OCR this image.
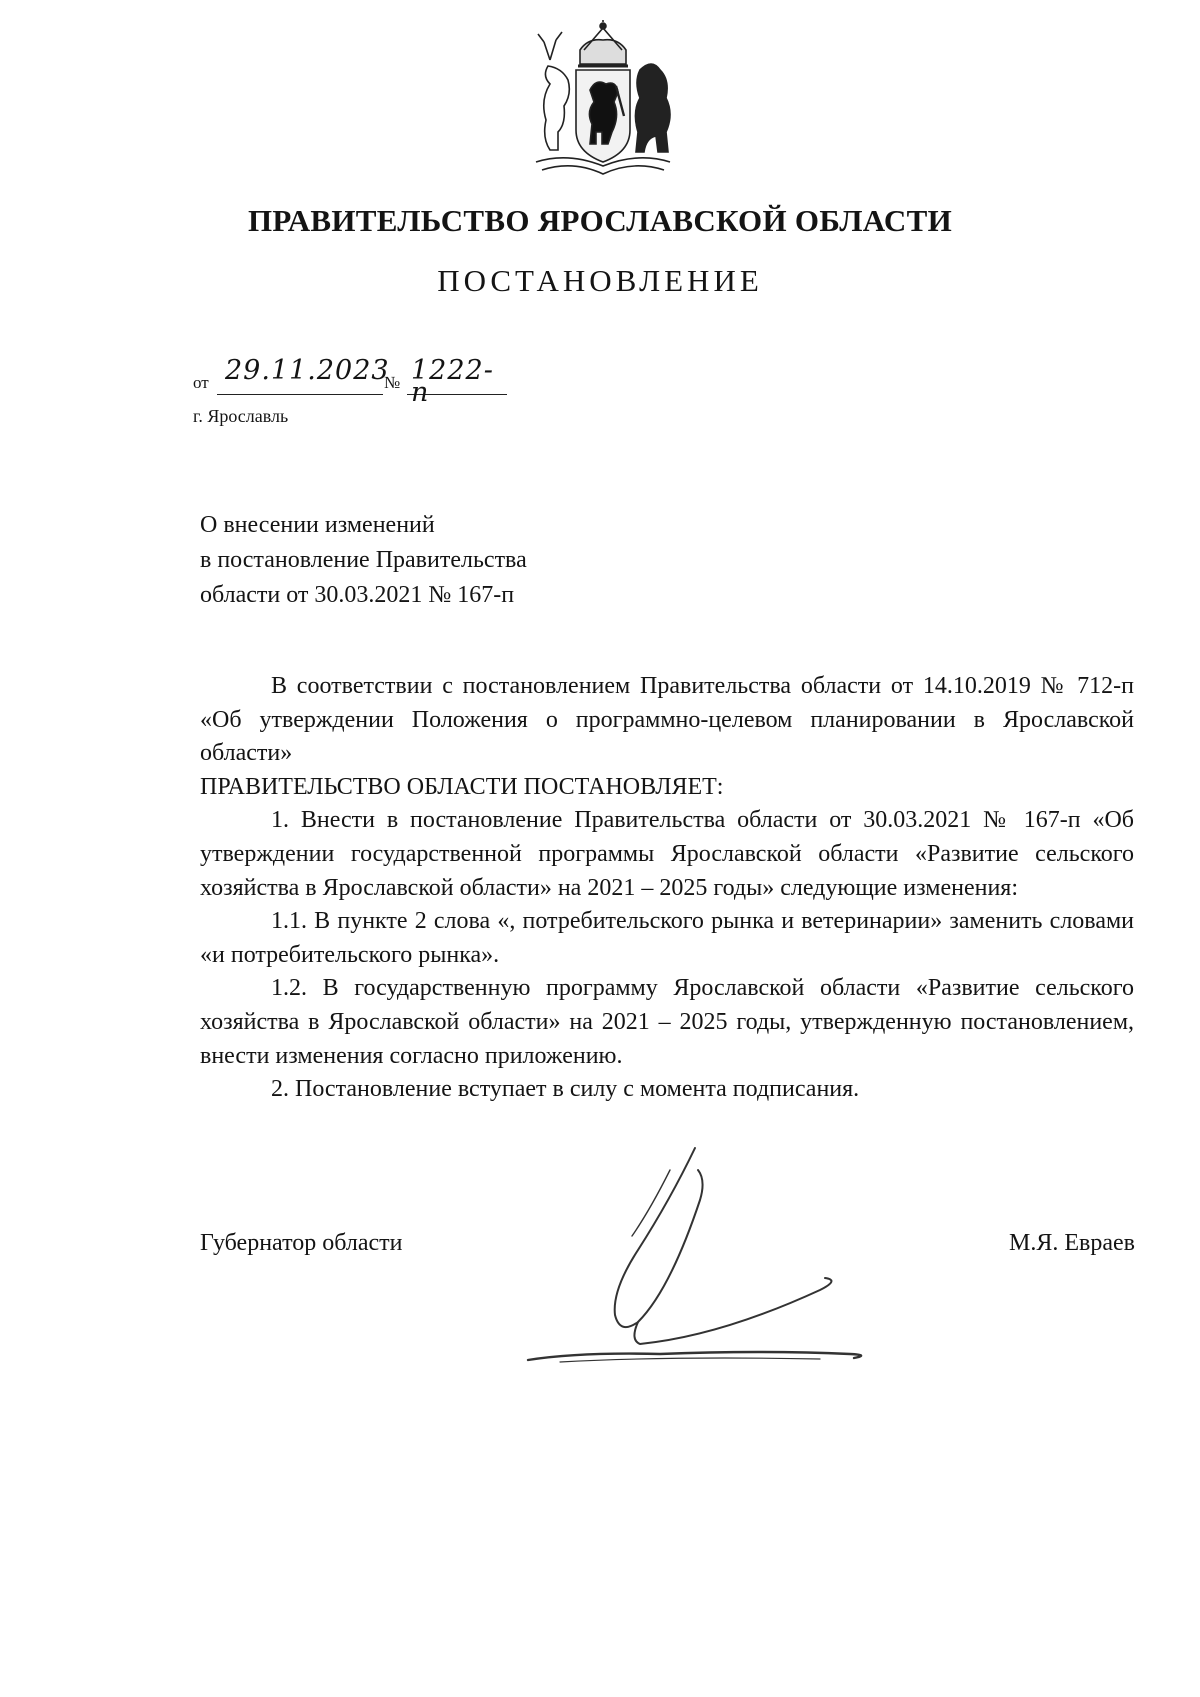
ПРАВИТЕЛЬСТВО ЯРОСЛАВСКОЙ ОБЛАСТИ
ПОСТАНОВЛЕНИЕ
от 29.11.2023
№ 1222-п
г. Ярославль
О внесении изменений
в постановление Правительства
области от 30.03.2021 № 167-п

В соответствии с постановлением Правительства области от 14.10.2019 № 712-п «Об утверждении Положения о программно-целевом планировании в Ярославской области»

ПРАВИТЕЛЬСТВО ОБЛАСТИ ПОСТАНОВЛЯЕТ:

1. Внести в постановление Правительства области от 30.03.2021 № 167-п «Об утверждении государственной программы Ярославской области «Развитие сельского хозяйства в Ярославской области» на 2021 – 2025 годы» следующие изменения:

1.1. В пункте 2 слова «, потребительского рынка и ветеринарии» заменить словами «и потребительского рынка».

1.2. В государственную программу Ярославской области «Развитие сельского хозяйства в Ярославской области» на 2021 – 2025 годы, утвержденную постановлением, внести изменения согласно приложению.

2. Постановление вступает в силу с момента подписания.

Губернатор области	М.Я. Евраев
